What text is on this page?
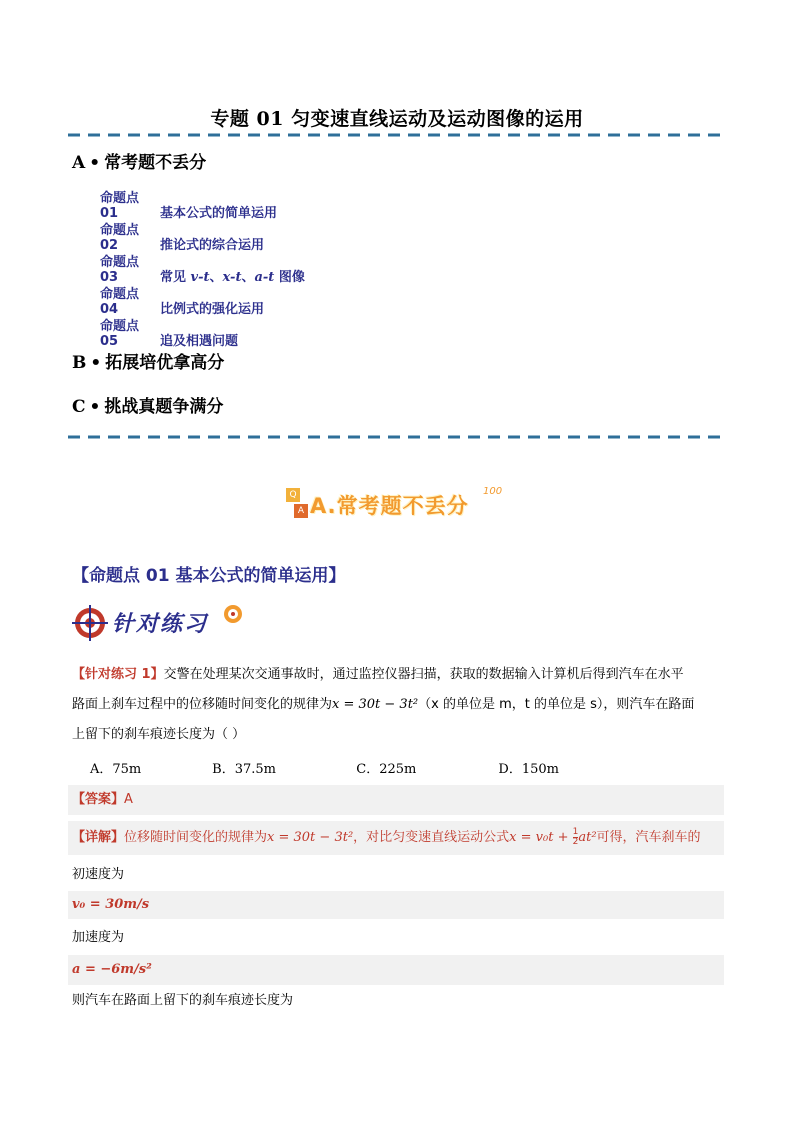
专题 01 匀变速直线运动及运动图像的运用
A • 常考题不丢分
命题点 01	基本公式的简单运用
命题点 02	推论式的综合运用
命题点 03	常见 v-t、x-t、a-t 图像
命题点 04	比例式的强化运用
命题点 05	追及相遇问题
B • 拓展培优拿高分
C • 挑战真题争满分
Q
A A.常考题不丢分
100
【命题点 01 基本公式的简单运用】
针对练习
【针对练习 1】交警在处理某次交通事故时，通过监控仪器扫描，获取的数据输入计算机后得到汽车在水平
路面上刹车过程中的位移随时间变化的规律为x = 30t − 3t²（x 的单位是 m，t 的单位是 s），则汽车在路面
上留下的刹车痕迹长度为（ ）
A．75m	B．37.5m	C．225m	D．150m
【答案】A
【详解】位移随时间变化的规律为x = 30t − 3t²，对比匀变速直线运动公式$x = v_0t + \frac{1}{2} at^2$可得，汽车刹车的
初速度为
v₀ = 30m/s
加速度为
a = −6m/s²
则汽车在路面上留下的刹车痕迹长度为
